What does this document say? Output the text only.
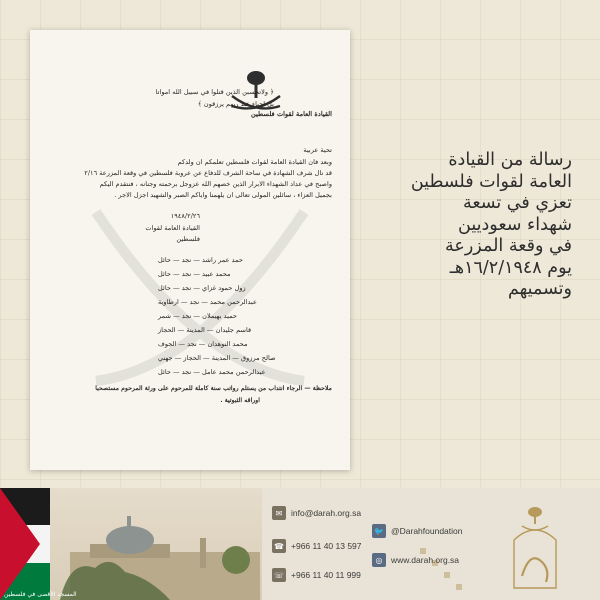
﴿ ولاتحسبن الذين قتلوا في سبيل الله امواتا
بل احياء عند ربهم يرزقون ﴾
القيادة العامة لقوات فلسطين
تحية عربية
وبعد فان القيادة العامة لقوات فلسطين تعلمكم ان ولدكم
قد نال شرف الشهادة في ساحة الشرف للدفاع عن عروبة فلسطين في وقعة المزرعة ٢/١٦
واصبح في عداد الشهداء الابرار الذين خصهم الله عزوجل برحمته وجنانه ، فنتقدم اليكم
بجميل العزاء ، سائلين المولى تعالى ان يلهمنا واياكم الصبر والشهيد اجزل الاجر .
١٩٤٨/٢/٢٦
القيادة العامة لقوات
فلسطين
حمد عمر راشد — نجد — حائل
محمد عبيد — نجد — حائل
زول حمود غزاي — نجد — حائل
عبدالرحمن محمد — نجد — ارطاوية
حميد بهيملان — نجد — شمر
قاسم جليدان — المدينة — الحجاز
محمد النوهدان — نجد — الجوف
صالح مرزوق — المدينة — الحجاز — جهني
عبدالرحمن محمد عامل — نجد — حائل
ملاحظة — الرجاء انتداب من يستلم رواتب سنة كاملة للمرحوم على ورثة المرحوم مستصحبا
اوراقه الثبوتية .
رسالة من القيادة
العامة لقوات فلسطين
تعزي في تسعة
شهداء سعوديين
في وقعة المزرعة
يوم ١٦/٢/١٩٤٨هـ
وتسميهم
المسجد الأقصى في فلسطين
✉	info@darah.org.sa
☎ +966 11 40 13 597
☏ +966 11 40 11 999
🐦 @Darahfoundation
◎	www.darah.org.sa
